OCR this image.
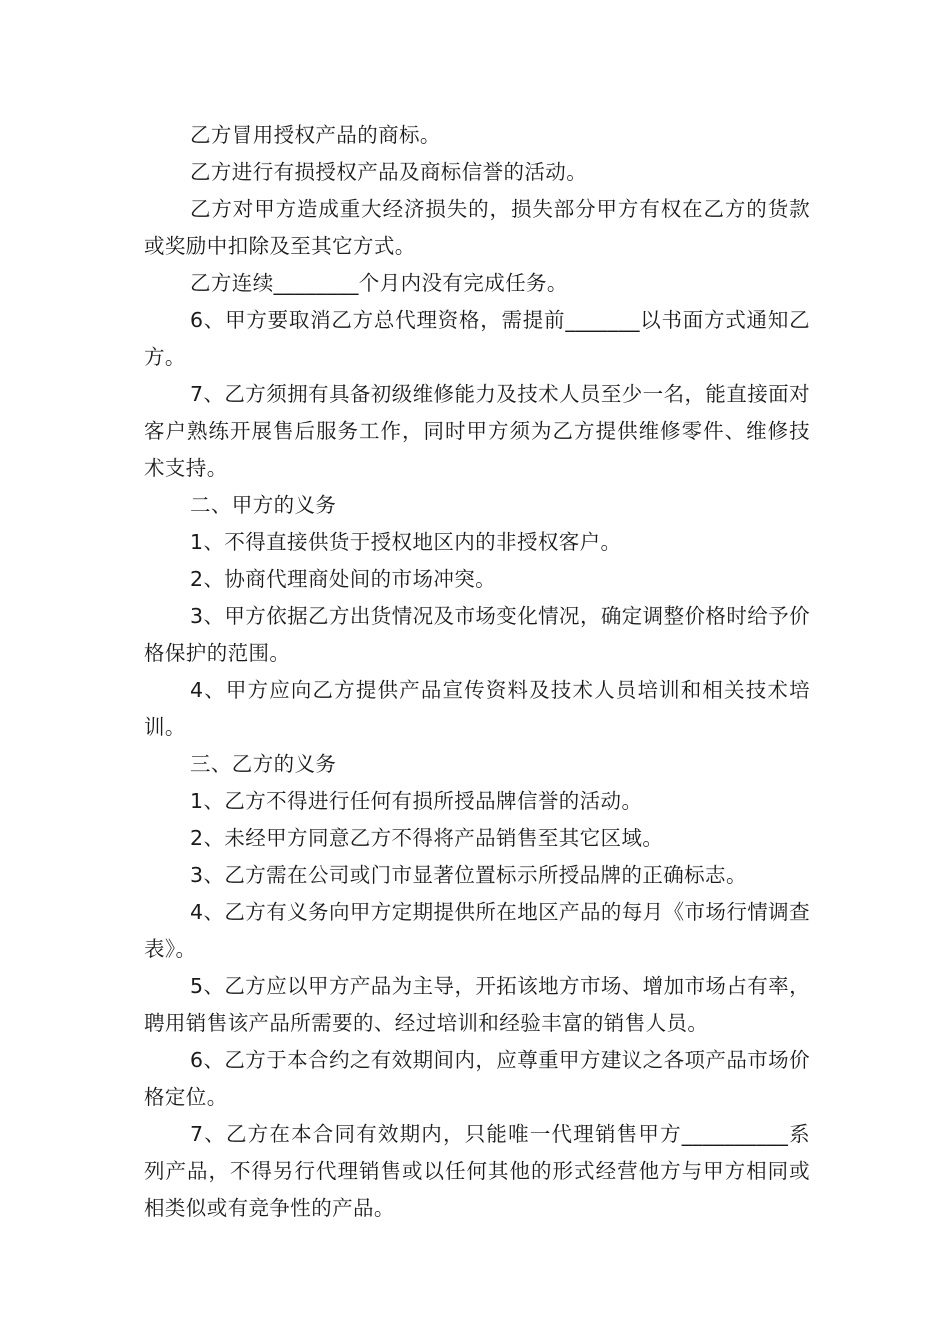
乙方冒用授权产品的商标。

乙方进行有损授权产品及商标信誉的活动。

乙方对甲方造成重大经济损失的，损失部分甲方有权在乙方的货款或奖励中扣除及至其它方式。

乙方连续________个月内没有完成任务。

6、甲方要取消乙方总代理资格，需提前_______以书面方式通知乙方。

7、乙方须拥有具备初级维修能力及技术人员至少一名，能直接面对客户熟练开展售后服务工作，同时甲方须为乙方提供维修零件、维修技术支持。

二、甲方的义务

1、不得直接供货于授权地区内的非授权客户。

2、协商代理商处间的市场冲突。

3、甲方依据乙方出货情况及市场变化情况，确定调整价格时给予价格保护的范围。

4、甲方应向乙方提供产品宣传资料及技术人员培训和相关技术培训。

三、乙方的义务

1、乙方不得进行任何有损所授品牌信誉的活动。

2、未经甲方同意乙方不得将产品销售至其它区域。

3、乙方需在公司或门市显著位置标示所授品牌的正确标志。

4、乙方有义务向甲方定期提供所在地区产品的每月《市场行情调查表》。

5、乙方应以甲方产品为主导，开拓该地方市场、增加市场占有率，聘用销售该产品所需要的、经过培训和经验丰富的销售人员。

6、乙方于本合约之有效期间内，应尊重甲方建议之各项产品市场价格定位。

7、乙方在本合同有效期内，只能唯一代理销售甲方__________系列产品，不得另行代理销售或以任何其他的形式经营他方与甲方相同或相类似或有竞争性的产品。
